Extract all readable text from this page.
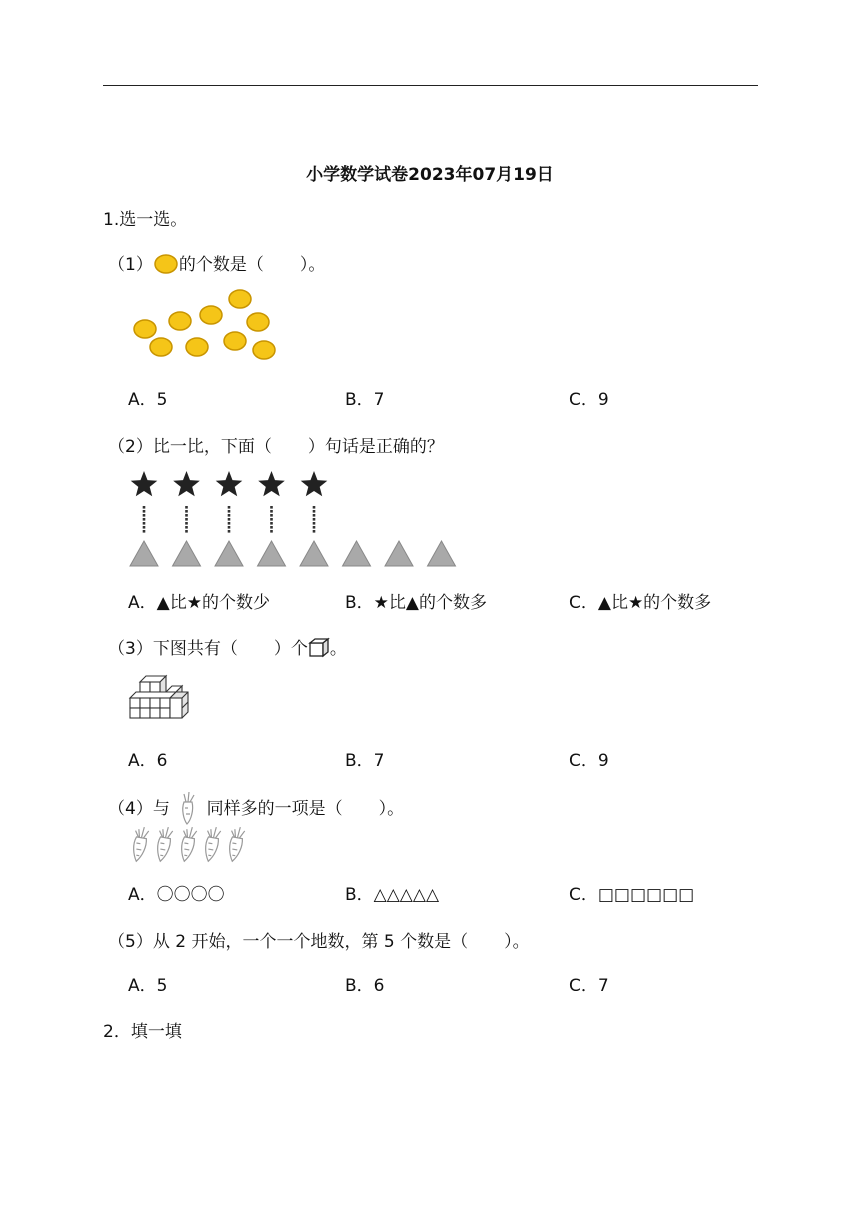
小学数学试卷2023年07月19日
1.选一选。
（1） 的个数是（ ）。
A．5	B．7	C．9
（2）比一比，下面（ ）句话是正确的？
A．▲比★的个数少	B．★比▲的个数多	C．▲比★的个数多
（3）下图共有（ ）个 。
A．6	B．7	C．9
（4）与 同样多的一项是（ ）。
A．〇〇〇〇	B．△△△△△	C．□□□□□□
（5）从 2 开始，一个一个地数，第 5 个数是（ ）。
A．5	B．6	C．7
2．填一填
